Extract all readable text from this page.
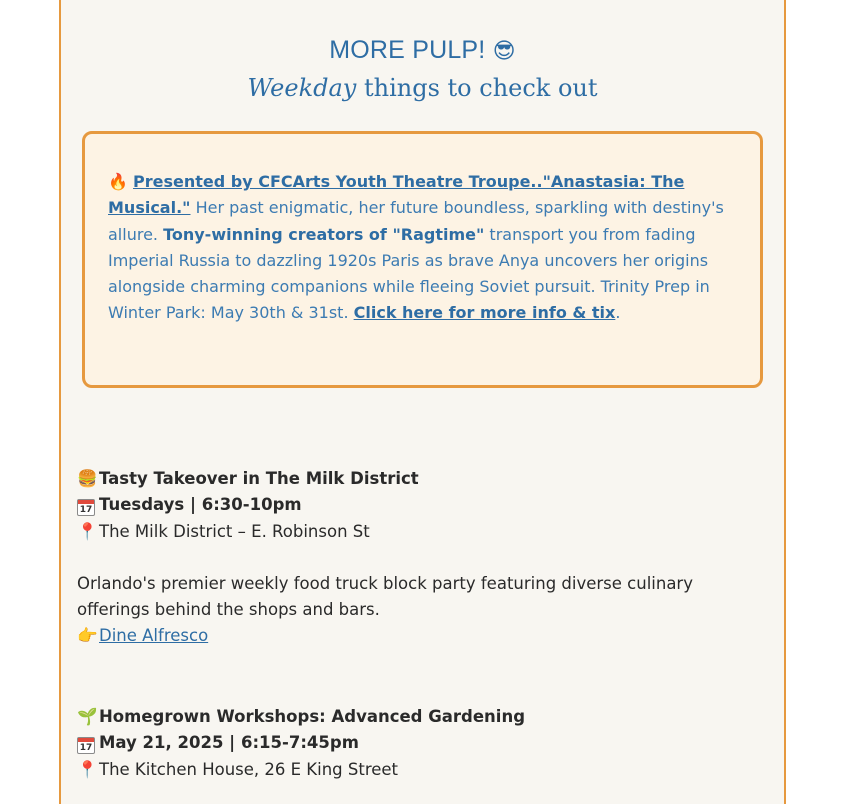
MORE PULP! 😎
Weekday things to check out
🔥 Presented by CFCArts Youth Theatre Troupe.."Anastasia: The Musical." Her past enigmatic, her future boundless, sparkling with destiny's allure. Tony-winning creators of "Ragtime" transport you from fading Imperial Russia to dazzling 1920s Paris as brave Anya uncovers her origins alongside charming companions while fleeing Soviet pursuit. Trinity Prep in Winter Park: May 30th & 31st. Click here for more info & tix.
🍔Tasty Takeover in The Milk District
17 Tuesdays | 6:30-10pm
📍The Milk District – E. Robinson St
Orlando's premier weekly food truck block party featuring diverse culinary offerings behind the shops and bars.
👉Dine Alfresco
🌱Homegrown Workshops: Advanced Gardening
17 May 21, 2025 | 6:15-7:45pm
📍The Kitchen House, 26 E King Street
